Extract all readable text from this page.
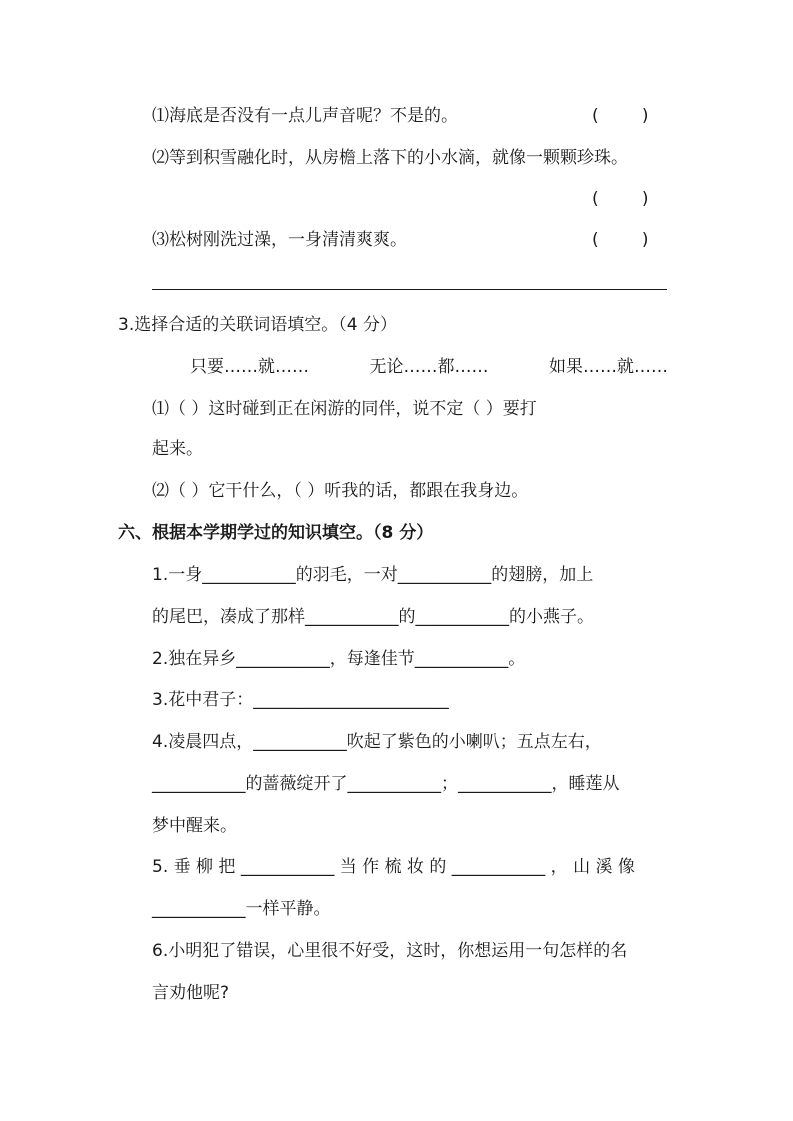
⑴海底是否没有一点儿声音呢？不是的。	(        )
⑵等到积雪融化时，从房檐上落下的小水滴，就像一颗颗珍珠。
(        )
⑶松树刚洗过澡，一身清清爽爽。	(        )
3.选择合适的关联词语填空。（4 分）
只要……就……	无论……都……	如果……就……
⑴（ ）这时碰到正在闲游的同伴，说不定（ ）要打
起来。
⑵（ ）它干什么，（ ）听我的话，都跟在我身边。
六、根据本学期学过的知识填空。（8 分）
1.一身___________的羽毛，一对___________的翅膀，加上
的尾巴，凑成了那样___________的___________的小燕子。
2.独在异乡___________，每逢佳节___________。
3.花中君子：_______________________
4.凌晨四点，___________吹起了紫色的小喇叭；五点左右，
___________的蔷薇绽开了___________；___________，睡莲从
梦中醒来。
5. 垂 柳 把 ___________ 当 作 梳 妆 的 ___________ ， 山 溪 像
___________一样平静。
6.小明犯了错误，心里很不好受，这时，你想运用一句怎样的名
言劝他呢?
